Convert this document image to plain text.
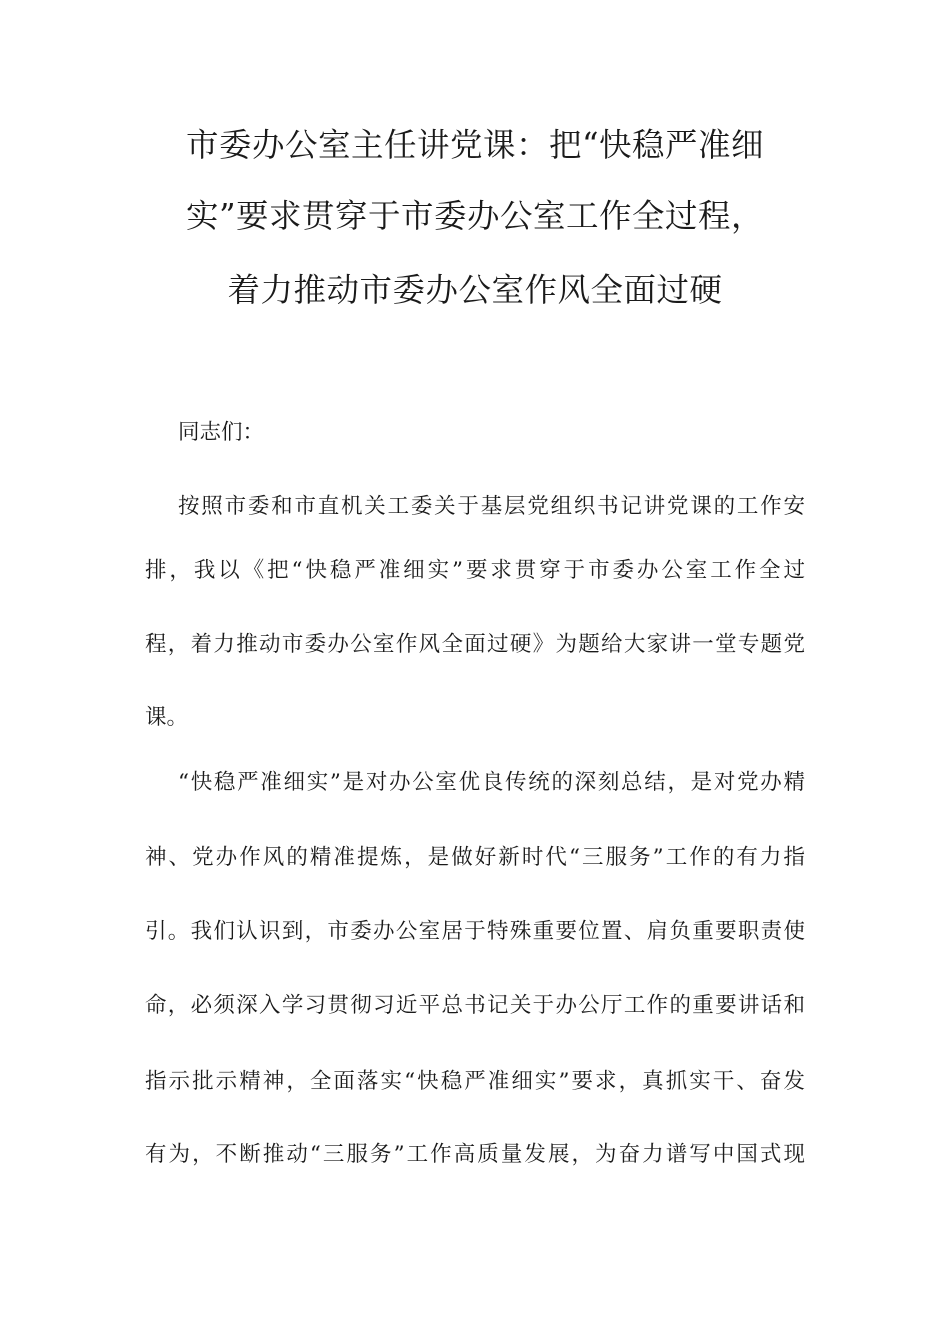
市委办公室主任讲党课：把“快稳严准细
实”要求贯穿于市委办公室工作全过程，
着力推动市委办公室作风全面过硬
同志们：
按照市委和市直机关工委关于基层党组织书记讲党课的工作安
排，我以《把“快稳严准细实”要求贯穿于市委办公室工作全过
程，着力推动市委办公室作风全面过硬》为题给大家讲一堂专题党
课。
“快稳严准细实”是对办公室优良传统的深刻总结，是对党办精
神、党办作风的精准提炼，是做好新时代“三服务”工作的有力指
引。我们认识到，市委办公室居于特殊重要位置、肩负重要职责使
命，必须深入学习贯彻习近平总书记关于办公厅工作的重要讲话和
指示批示精神，全面落实“快稳严准细实”要求，真抓实干、奋发
有为，不断推动“三服务”工作高质量发展，为奋力谱写中国式现
